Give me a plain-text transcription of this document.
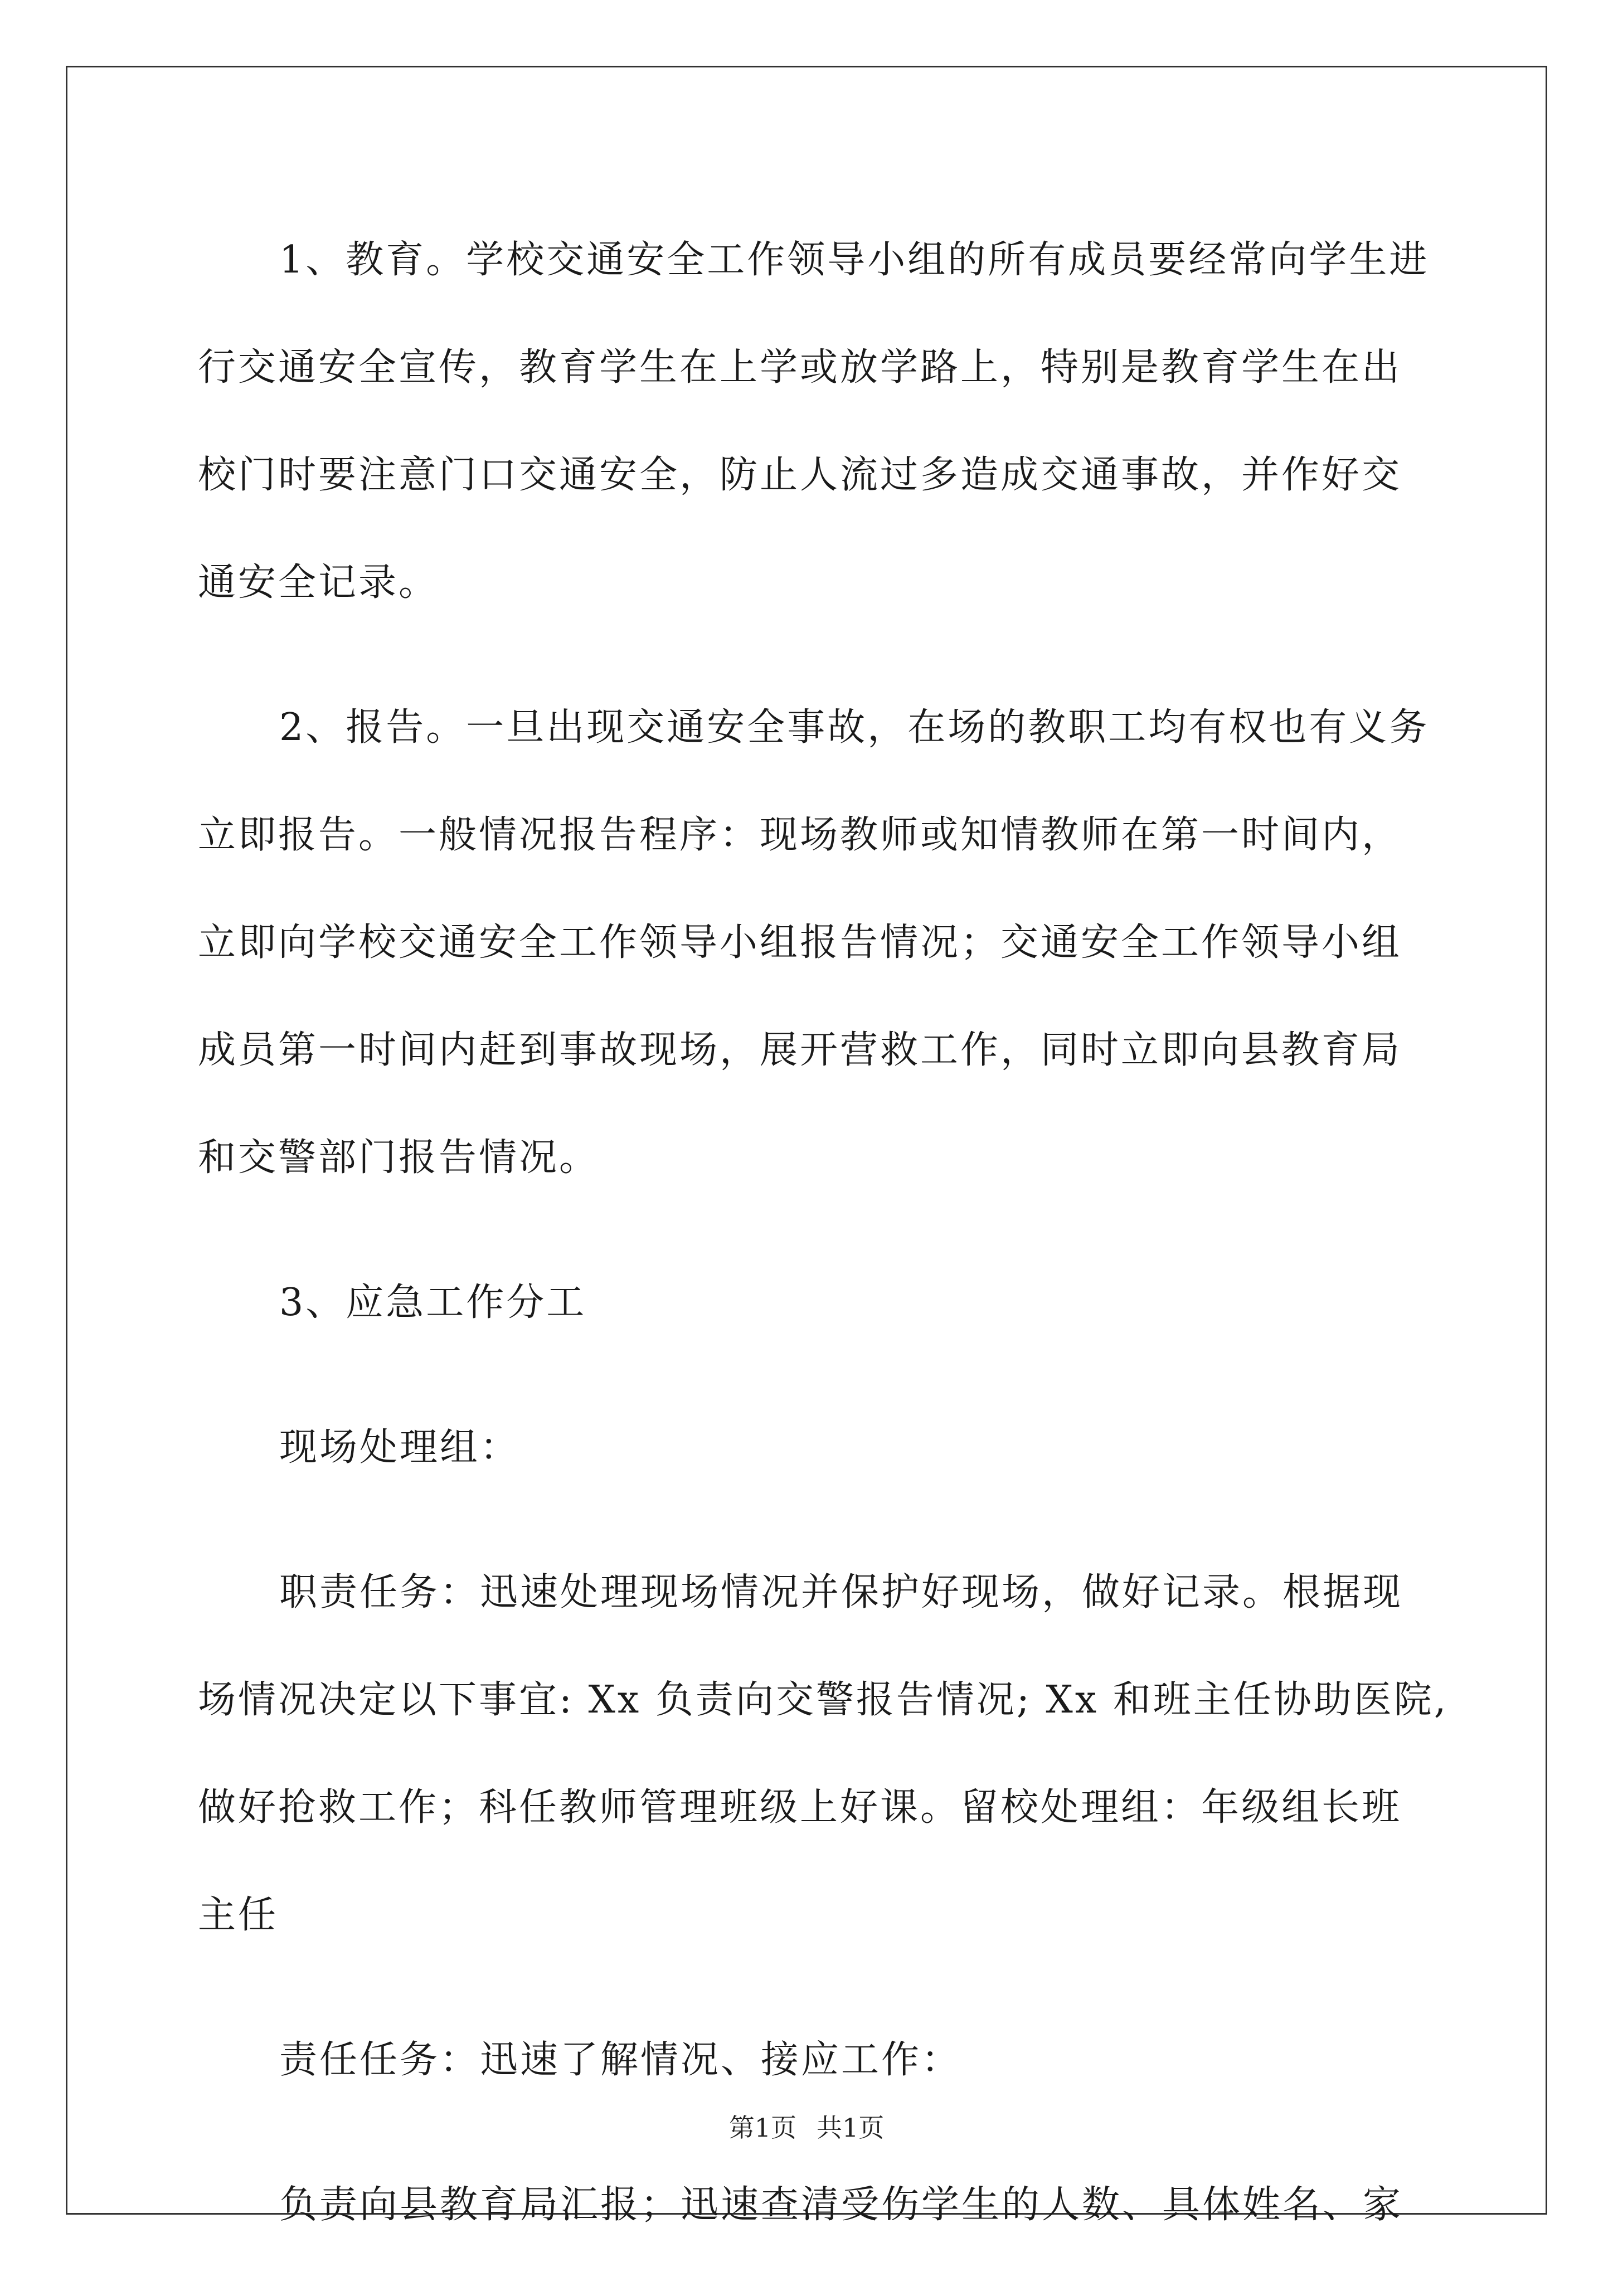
1、教育。学校交通安全工作领导小组的所有成员要经常向学生进
行交通安全宣传，教育学生在上学或放学路上，特别是教育学生在出
校门时要注意门口交通安全，防止人流过多造成交通事故，并作好交
通安全记录。

2、报告。一旦出现交通安全事故，在场的教职工均有权也有义务
立即报告。一般情况报告程序：现场教师或知情教师在第一时间内，
立即向学校交通安全工作领导小组报告情况；交通安全工作领导小组
成员第一时间内赶到事故现场，展开营救工作，同时立即向县教育局
和交警部门报告情况。

3、应急工作分工

现场处理组：

职责任务：迅速处理现场情况并保护好现场，做好记录。根据现
场情况决定以下事宜: Xx 负责向交警报告情况; Xx 和班主任协助医院,
做好抢救工作；科任教师管理班级上好课。留校处理组：年级组长班
主任

责任任务：迅速了解情况、接应工作：

负责向县教育局汇报；迅速查清受伤学生的人数、具体姓名、家

第1页 共1页
